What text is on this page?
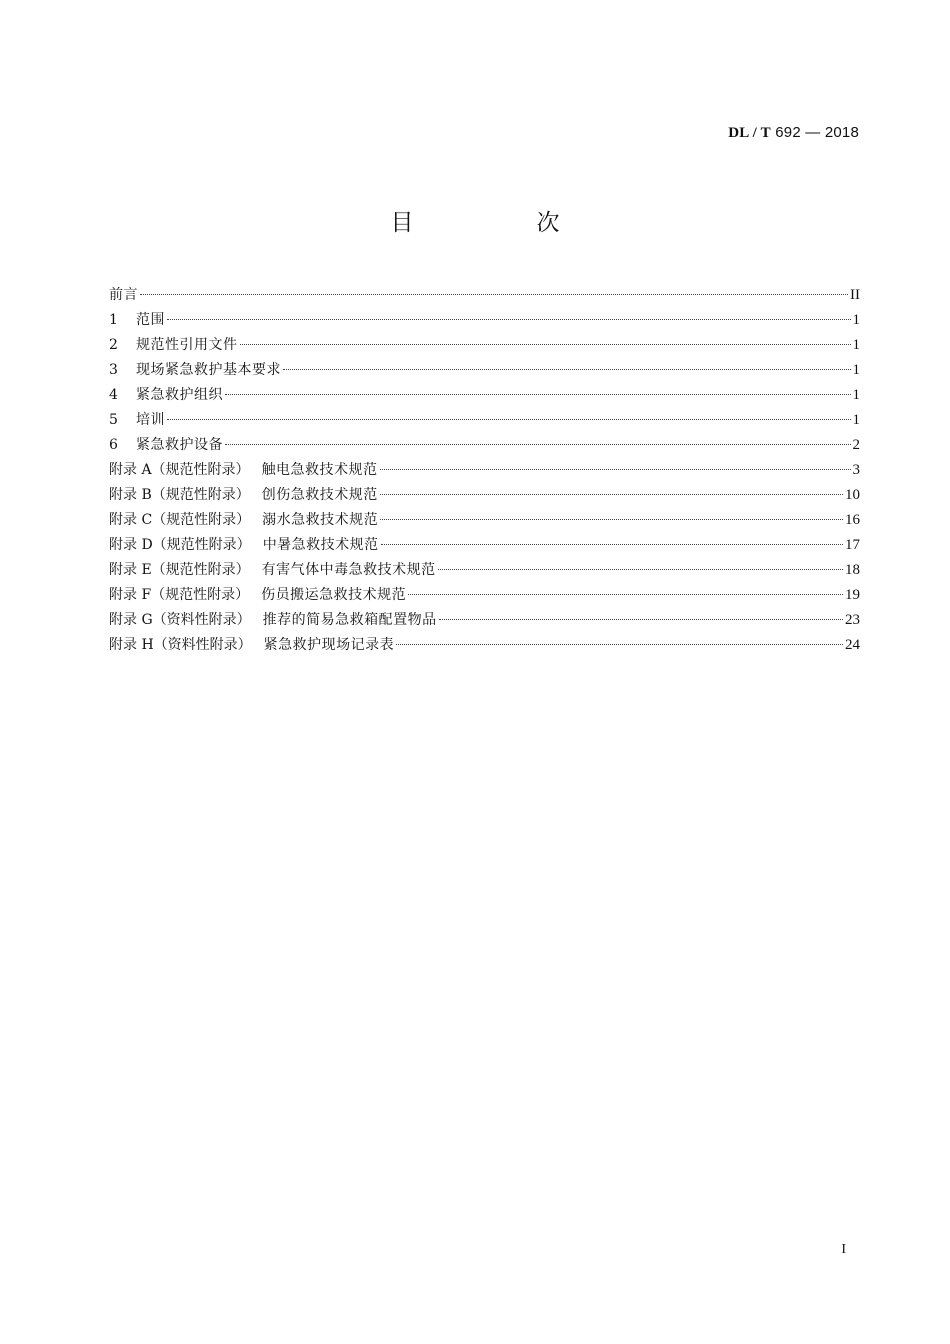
DL / T 692 — 2018
目　次
前言	II
1	范围	1
2	规范性引用文件	1
3	现场紧急救护基本要求	1
4	紧急救护组织	1
5	培训	1
6	紧急救护设备	2
附录 A（规范性附录） 触电急救技术规范	3
附录 B（规范性附录） 创伤急救技术规范	10
附录 C（规范性附录） 溺水急救技术规范	16
附录 D（规范性附录） 中暑急救技术规范	17
附录 E（规范性附录） 有害气体中毒急救技术规范	18
附录 F（规范性附录） 伤员搬运急救技术规范	19
附录 G（资料性附录） 推荐的简易急救箱配置物品	23
附录 H（资料性附录） 紧急救护现场记录表	24
I
